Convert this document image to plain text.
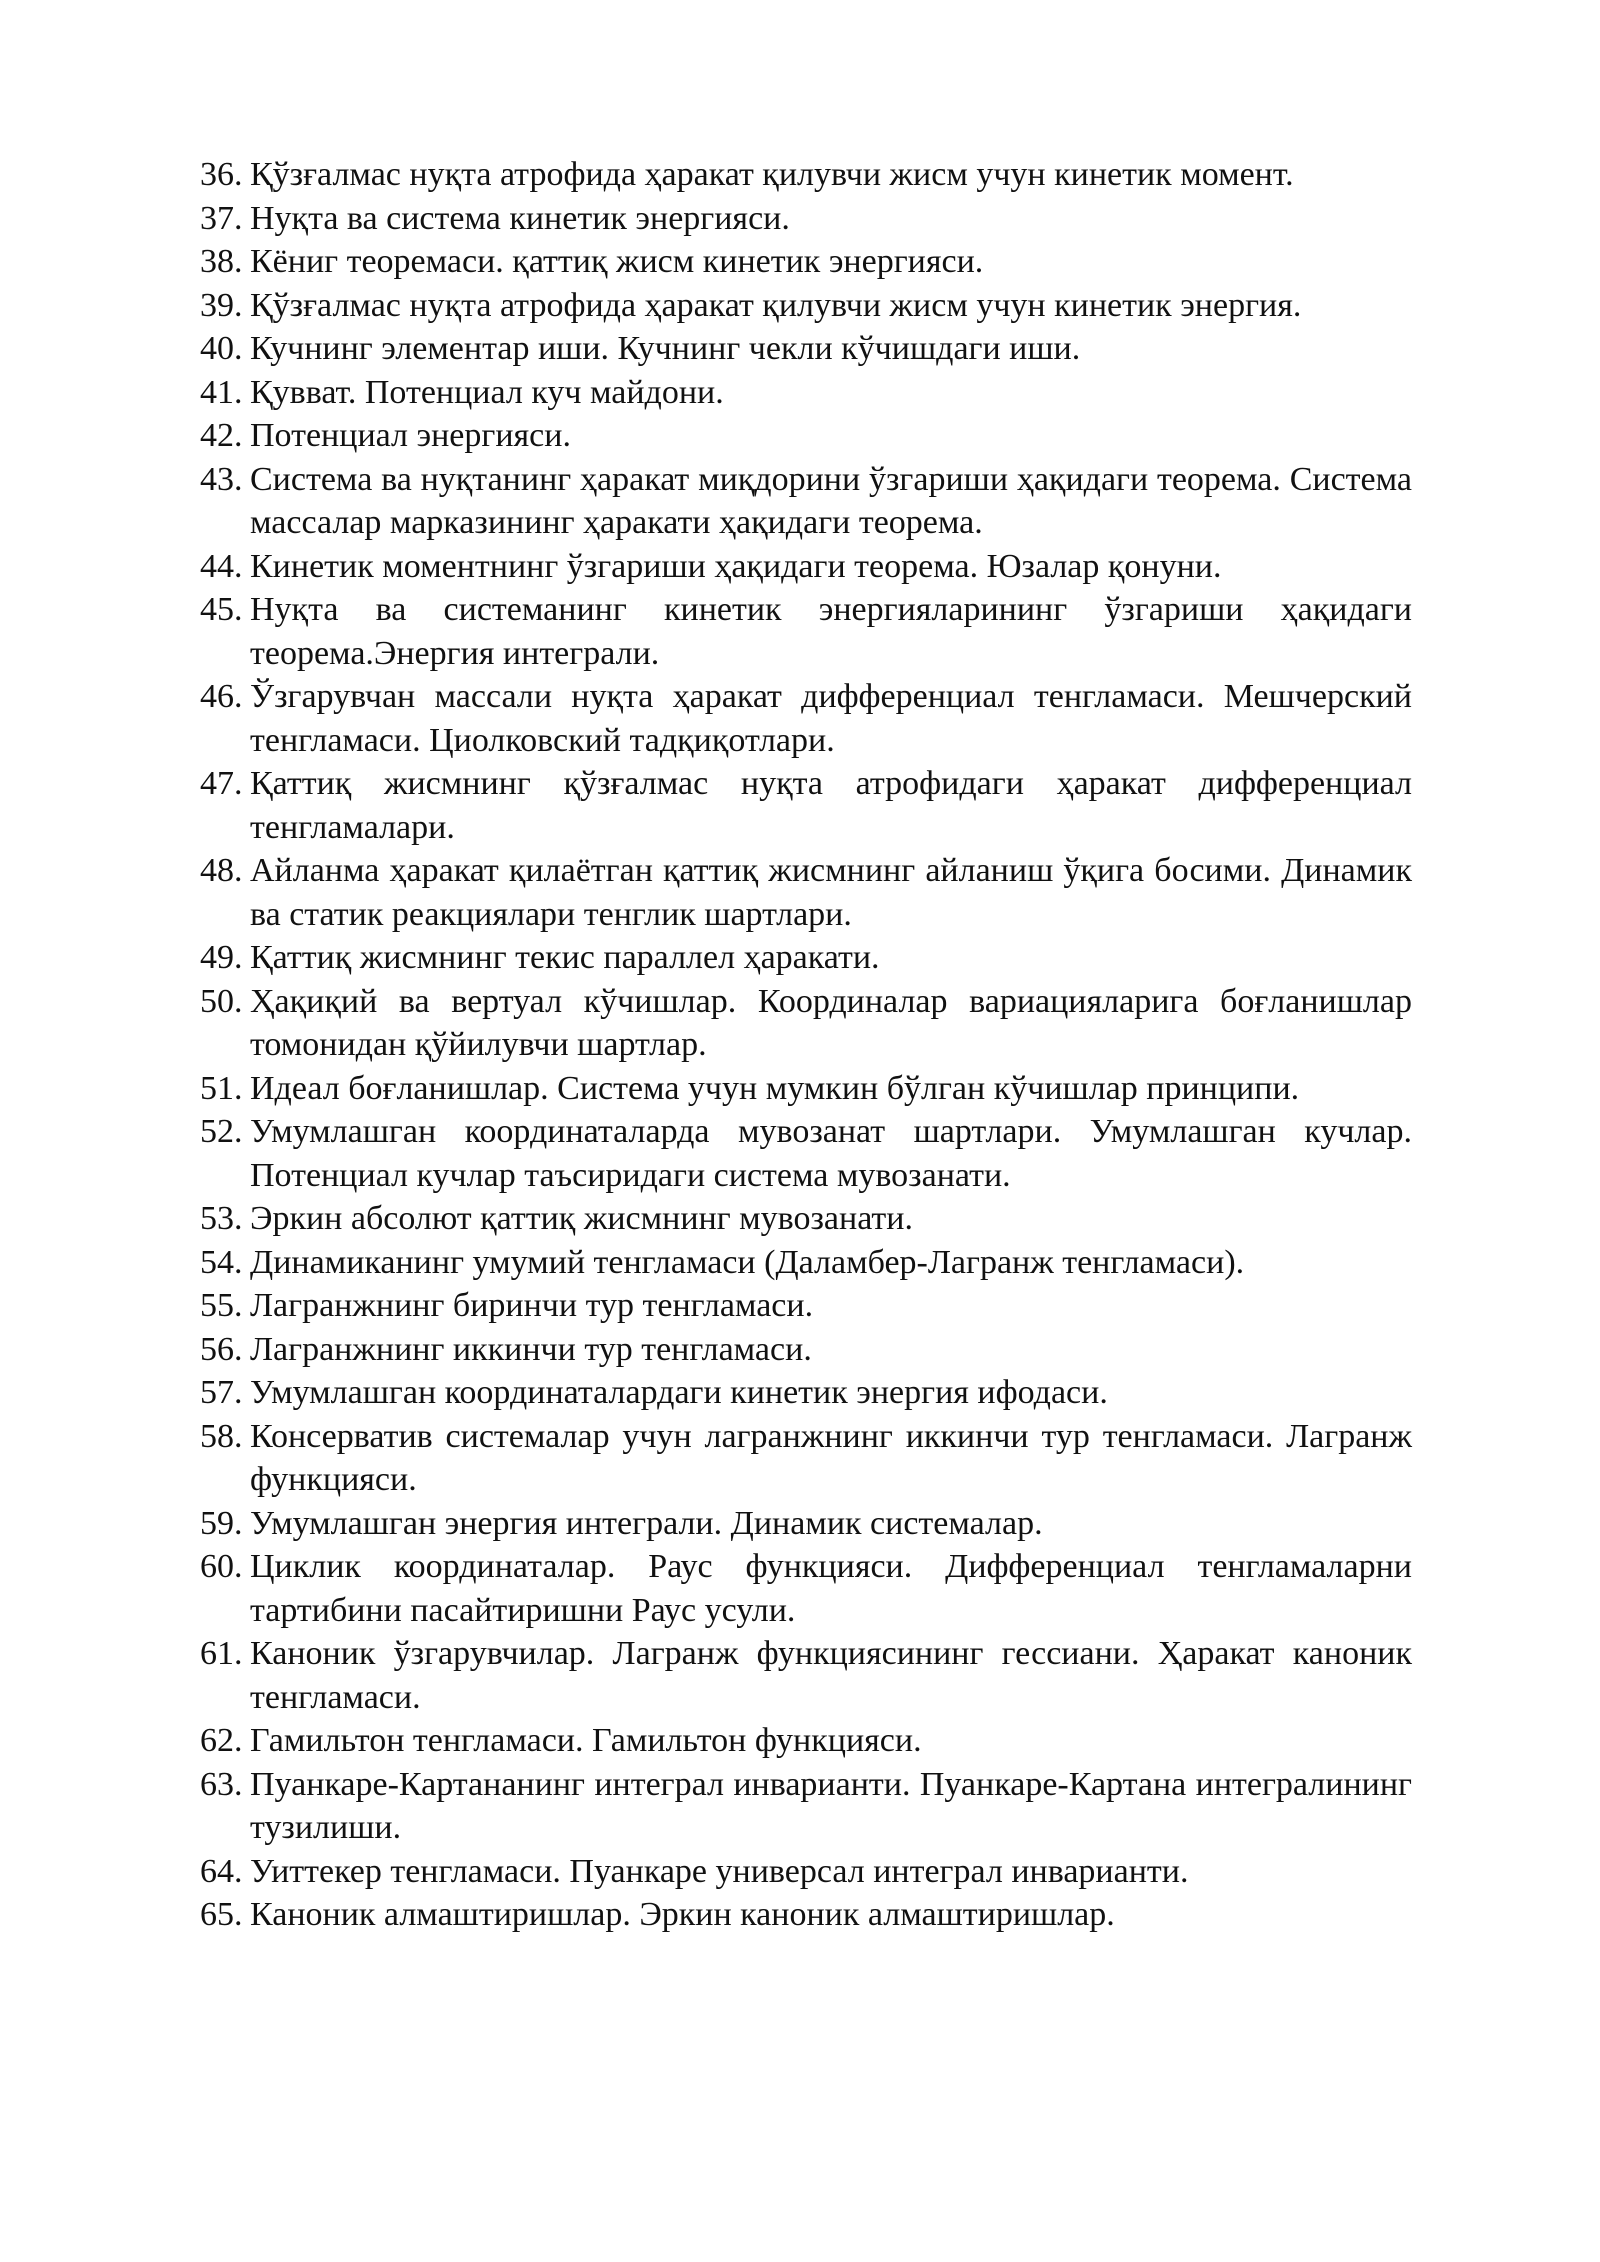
36. Қўзғалмас нуқта атрофида ҳаракат қилувчи жисм учун кинетик момент.
37. Нуқта ва система кинетик энергияси.
38. Кёниг теоремаси. қаттиқ жисм кинетик энергияси.
39. Қўзғалмас нуқта атрофида ҳаракат қилувчи жисм учун кинетик энергия.
40. Кучнинг элементар иши. Кучнинг чекли кўчишдаги иши.
41. Қувват. Потенциал куч майдони.
42. Потенциал энергияси.
43. Система ва нуқтанинг ҳаракат миқдорини ўзгариши ҳақидаги теорема. Система массалар марказининг ҳаракати ҳақидаги теорема.
44. Кинетик моментнинг ўзгариши ҳақидаги теорема. Юзалар қонуни.
45. Нуқта ва системанинг кинетик энергияларининг ўзгариши ҳақидаги теорема.Энергия интеграли.
46. Ўзгарувчан массали нуқта ҳаракат дифференциал тенгламаси. Мешчерский тенгламаси. Циолковский тадқиқотлари.
47. Қаттиқ жисмнинг қўзғалмас нуқта атрофидаги ҳаракат дифференциал тенгламалари.
48. Айланма ҳаракат қилаётган қаттиқ жисмнинг айланиш ўқига босими. Динамик ва статик реакциялари тенглик шартлари.
49. Қаттиқ жисмнинг текис параллел ҳаракати.
50. Ҳақиқий ва вертуал кўчишлар. Координалар вариацияларига боғланишлар томонидан қўйилувчи шартлар.
51. Идеал боғланишлар. Система учун мумкин бўлган кўчишлар принципи.
52. Умумлашган координаталарда мувозанат шартлари. Умумлашган кучлар. Потенциал кучлар таъсиридаги система мувозанати.
53. Эркин абсолют қаттиқ жисмнинг мувозанати.
54. Динамиканинг умумий тенгламаси (Даламбер-Лагранж тенгламаси).
55. Лагранжнинг биринчи тур тенгламаси.
56. Лагранжнинг иккинчи тур тенгламаси.
57. Умумлашган координаталардаги кинетик энергия ифодаси.
58. Консерватив системалар учун лагранжнинг иккинчи тур тенгламаси. Лагранж функцияси.
59. Умумлашган энергия интеграли. Динамик системалар.
60. Циклик координаталар. Раус функцияси. Дифференциал тенгламаларни тартибини пасайтиришни Раус усули.
61. Каноник ўзгарувчилар. Лагранж функциясининг гессиани. Ҳаракат каноник тенгламаси.
62. Гамильтон тенгламаси. Гамильтон функцияси.
63. Пуанкаре-Картананинг интеграл инварианти. Пуанкаре-Картана интегралининг тузилиши.
64. Уиттекер тенгламаси. Пуанкаре универсал интеграл инварианти.
65. Каноник алмаштиришлар. Эркин каноник алмаштиришлар.
